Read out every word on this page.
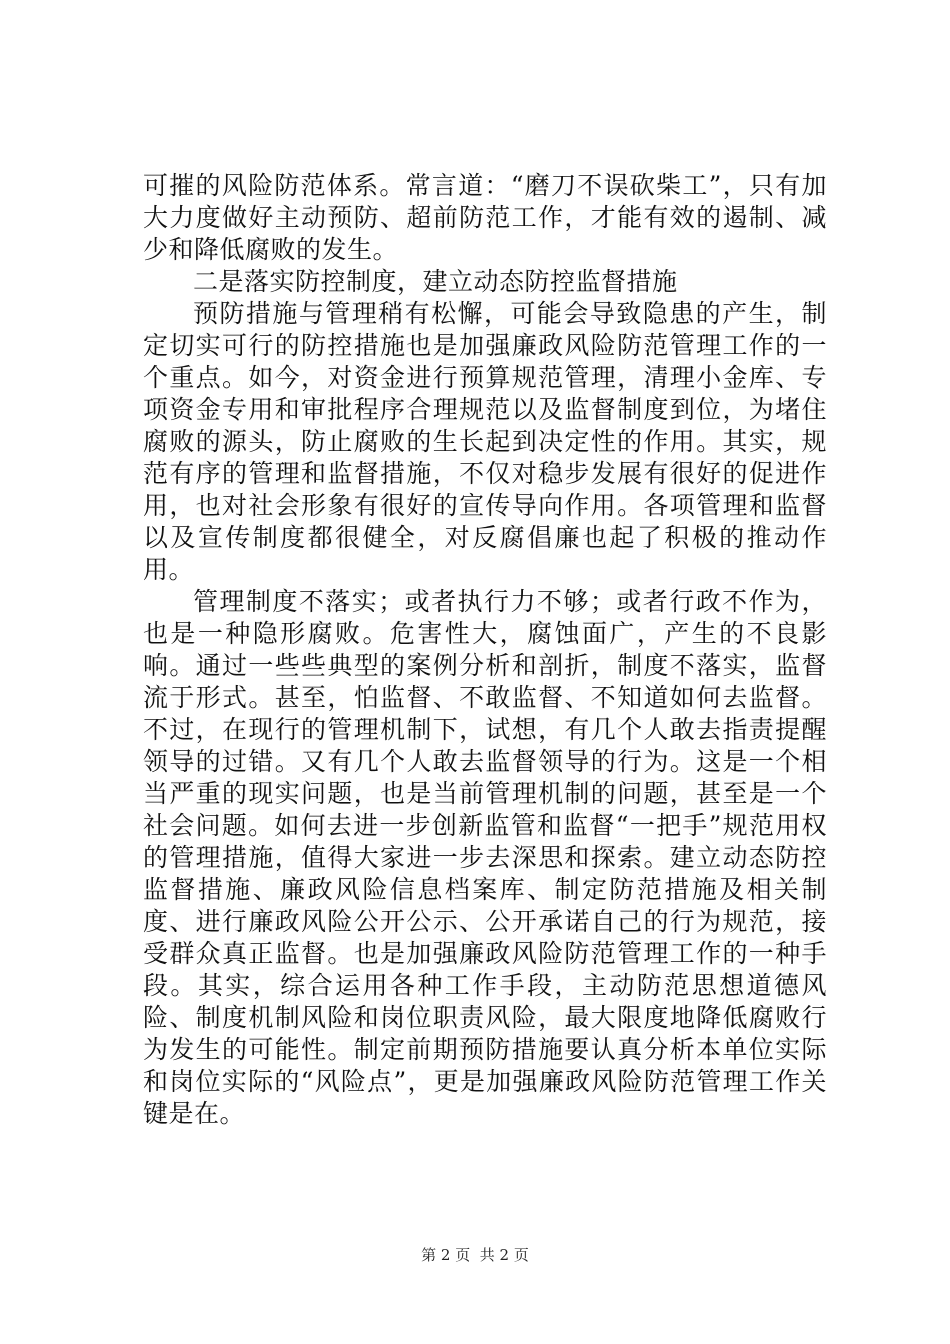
可摧的风险防范体系。常言道：“磨刀不误砍柴工”，只有加大力度做好主动预防、超前防范工作，才能有效的遏制、减少和降低腐败的发生。

二是落实防控制度，建立动态防控监督措施

预防措施与管理稍有松懈，可能会导致隐患的产生，制定切实可行的防控措施也是加强廉政风险防范管理工作的一个重点。如今，对资金进行预算规范管理，清理小金库、专项资金专用和审批程序合理规范以及监督制度到位，为堵住腐败的源头，防止腐败的生长起到决定性的作用。其实，规范有序的管理和监督措施，不仅对稳步发展有很好的促进作用，也对社会形象有很好的宣传导向作用。各项管理和监督以及宣传制度都很健全，对反腐倡廉也起了积极的推动作用。

管理制度不落实；或者执行力不够；或者行政不作为，也是一种隐形腐败。危害性大，腐蚀面广，产生的不良影响。通过一些些典型的案例分析和剖折，制度不落实，监督流于形式。甚至，怕监督、不敢监督、不知道如何去监督。不过，在现行的管理机制下，试想，有几个人敢去指责提醒领导的过错。又有几个人敢去监督领导的行为。这是一个相当严重的现实问题，也是当前管理机制的问题，甚至是一个社会问题。如何去进一步创新监管和监督“一把手”规范用权的管理措施，值得大家进一步去深思和探索。建立动态防控监督措施、廉政风险信息档案库、制定防范措施及相关制度、进行廉政风险公开公示、公开承诺自己的行为规范，接受群众真正监督。也是加强廉政风险防范管理工作的一种手段。其实，综合运用各种工作手段，主动防范思想道德风险、制度机制风险和岗位职责风险，最大限度地降低腐败行为发生的可能性。制定前期预防措施要认真分析本单位实际和岗位实际的“风险点”，更是加强廉政风险防范管理工作关键是在。

第 2 页  共 2 页
